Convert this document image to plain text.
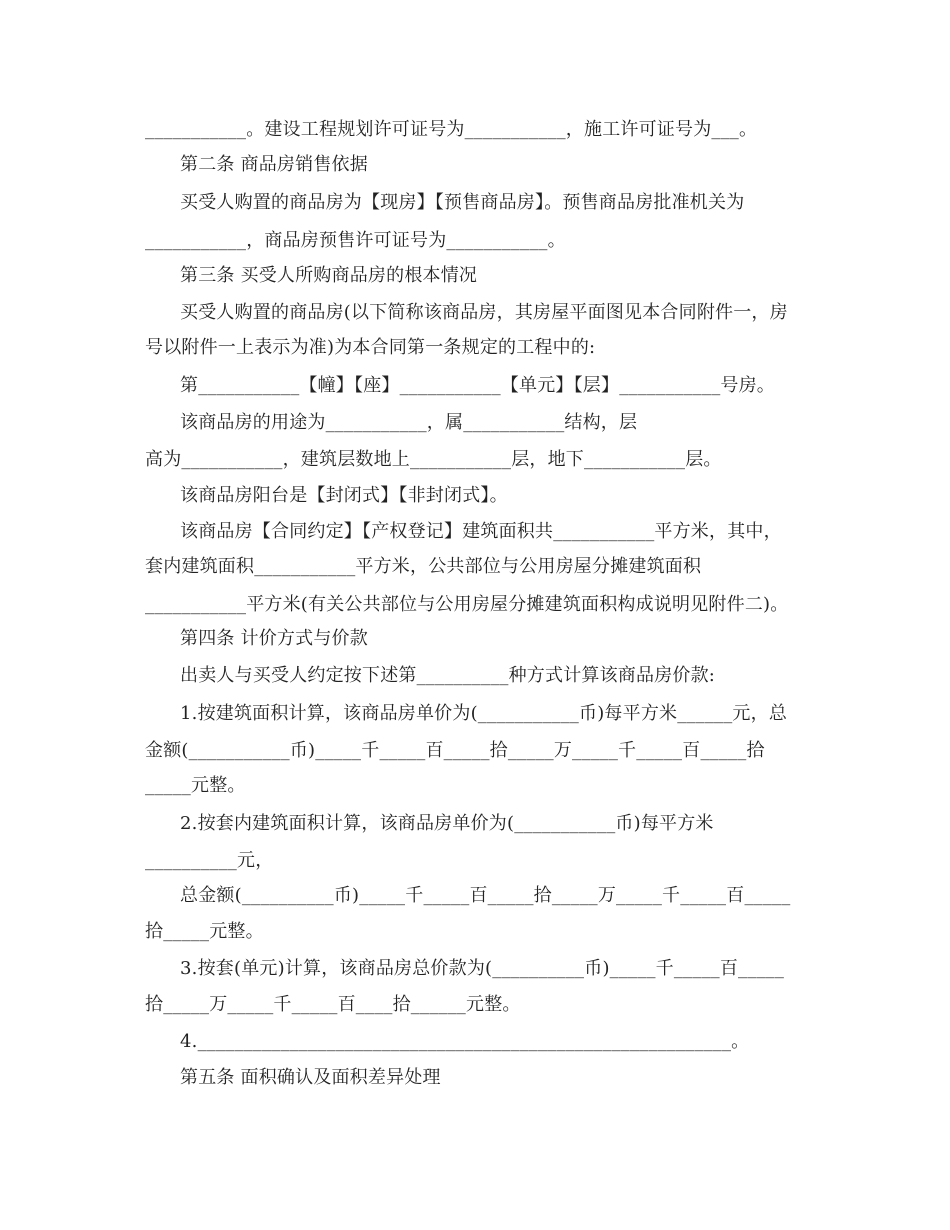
___________。建设工程规划许可证号为___________，施工许可证号为___。
第二条 商品房销售依据
买受人购置的商品房为【现房】【预售商品房】。预售商品房批准机关为
___________，商品房预售许可证号为___________。
第三条 买受人所购商品房的根本情况
买受人购置的商品房(以下简称该商品房，其房屋平面图见本合同附件一，房
号以附件一上表示为准)为本合同第一条规定的工程中的:
第___________【幢】【座】___________【单元】【层】___________号房。
该商品房的用途为___________，属___________结构，层
高为___________，建筑层数地上___________层，地下___________层。
该商品房阳台是【封闭式】【非封闭式】。
该商品房【合同约定】【产权登记】建筑面积共___________平方米，其中，
套内建筑面积___________平方米，公共部位与公用房屋分摊建筑面积
___________平方米(有关公共部位与公用房屋分摊建筑面积构成说明见附件二)。
第四条 计价方式与价款
出卖人与买受人约定按下述第__________种方式计算该商品房价款:
1.按建筑面积计算，该商品房单价为(___________币)每平方米______元，总
金额(___________币)_____千_____百_____拾_____万_____千_____百_____拾
_____元整。
2.按套内建筑面积计算，该商品房单价为(___________币)每平方米
__________元，
总金额(__________币)_____千_____百_____拾_____万_____千_____百_____
拾_____元整。
3.按套(单元)计算，该商品房总价款为(__________币)_____千_____百_____
拾_____万_____千_____百____拾______元整。
4.__________________________________________________________。
第五条 面积确认及面积差异处理
